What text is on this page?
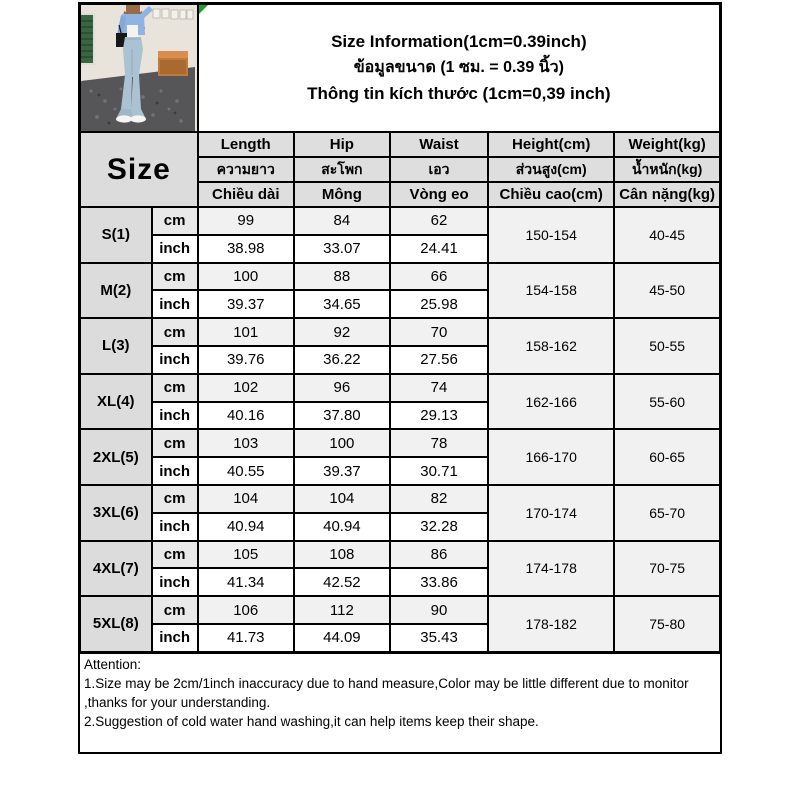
Size Information(1cm=0.39inch)
ข้อมูลขนาด (1 ซม. = 0.39 นิ้ว)
Thông tin kích thước (1cm=0,39 inch)				

Size		Length	Hip	Waist	Height(cm)	Weight(kg)
		ความยาว	สะโพก	เอว	ส่วนสูง(cm)	น้ำหนัก(kg)
		Chiều dài	Mông	Vòng eo	Chiều cao(cm)	Cân nặng(kg)
S(1)	cm	99	84	62	150-154	40-45
	inch	38.98	33.07	24.41		
M(2)	cm	100	88	66	154-158	45-50
	inch	39.37	34.65	25.98		
L(3)	cm	101	92	70	158-162	50-55
	inch	39.76	36.22	27.56		
XL(4)	cm	102	96	74	162-166	55-60
	inch	40.16	37.80	29.13		
2XL(5)	cm	103	100	78	166-170	60-65
	inch	40.55	39.37	30.71		
3XL(6)	cm	104	104	82	170-174	65-70
	inch	40.94	40.94	32.28		
4XL(7)	cm	105	108	86	174-178	70-75
	inch	41.34	42.52	33.86		
5XL(8)	cm	106	112	90	178-182	75-80
	inch	41.73	44.09	35.43		
Attention:
1.Size may be 2cm/1inch inaccuracy due to hand measure,Color may be little different due to monitor ,thanks for your understanding.
2.Suggestion of cold water hand washing,it can help items keep their shape.
